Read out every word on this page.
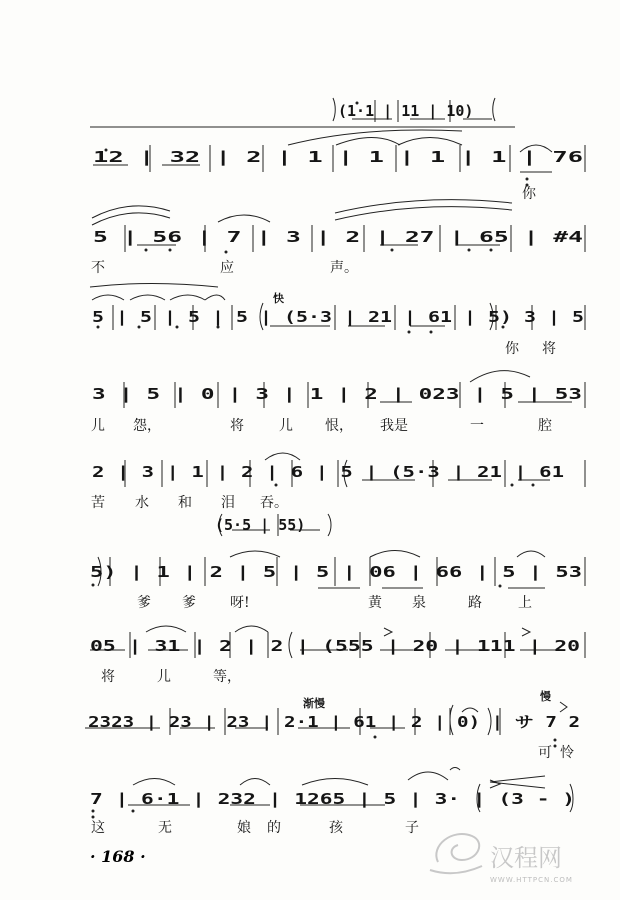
(1·1 | 11 | 10)
12 | 32 | 2 | 1 | 1 | 1 | 1 | 76
5 | 56 | 7 | 3 | 2 | 27 | 65 | #4
5 | 5 | 5 | 5 | (5·3 | 21 | 61 | 5) 3 | 5
3 | 5 | 0 | 3 | 1 | 2 | 023 | 5 | 53
2 | 3 | 1 | 2 | 6 | 5 | (5·3 | 21 | 61
(5·5 | 55)
5) | 1 | 2 | 5 | 5 | 06 | 66 | 5 | 53
05 | 31 | 2 | 2 | (555 | 20 | 111 | 20
2323 | 23 | 23 | 2·1 | 61 | 2 | 0) | サ 7 2
7 | 6·1 | 232 | 1265 | 5 | 3· | (3 - )
快
渐慢
慢
你
不	应	声。
你 将
儿 怨，	将	儿 恨， 我是	一	腔
苦 水 和 泪 吞。
爹 爹 呀!	黄 泉	路	上
将	儿	等，
可 怜
这	无	娘 的	孩	子
· 168 ·	汉程网
WWW.HTTPCN.COM
